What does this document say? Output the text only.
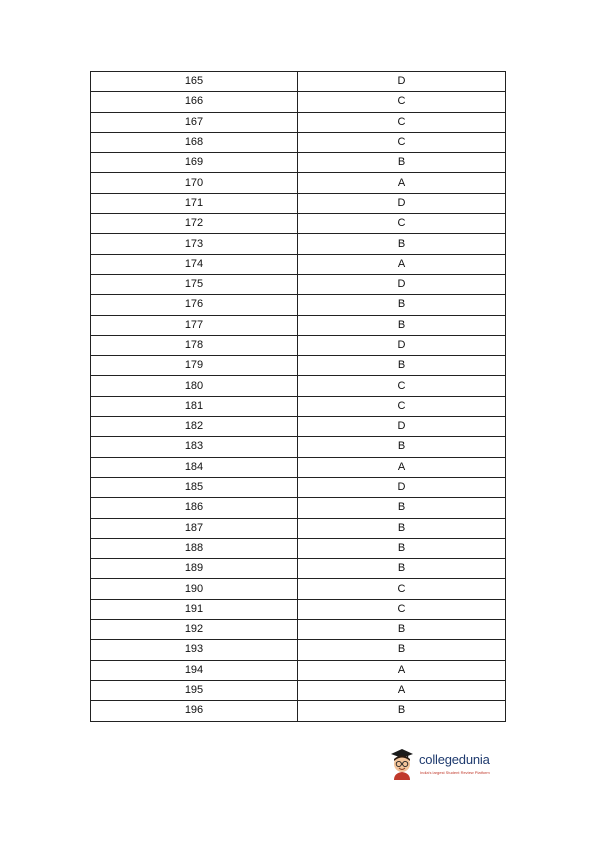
165	D
166	C
167	C
168	C
169	B
170	A
171	D
172	C
173	B
174	A
175	D
176	B
177	B
178	D
179	B
180	C
181	C
182	D
183	B
184	A
185	D
186	B
187	B
188	B
189	B
190	C
191	C
192	B
193	B
194	A
195	A
196	B
collegedunia
India's largest Student Review Platform
